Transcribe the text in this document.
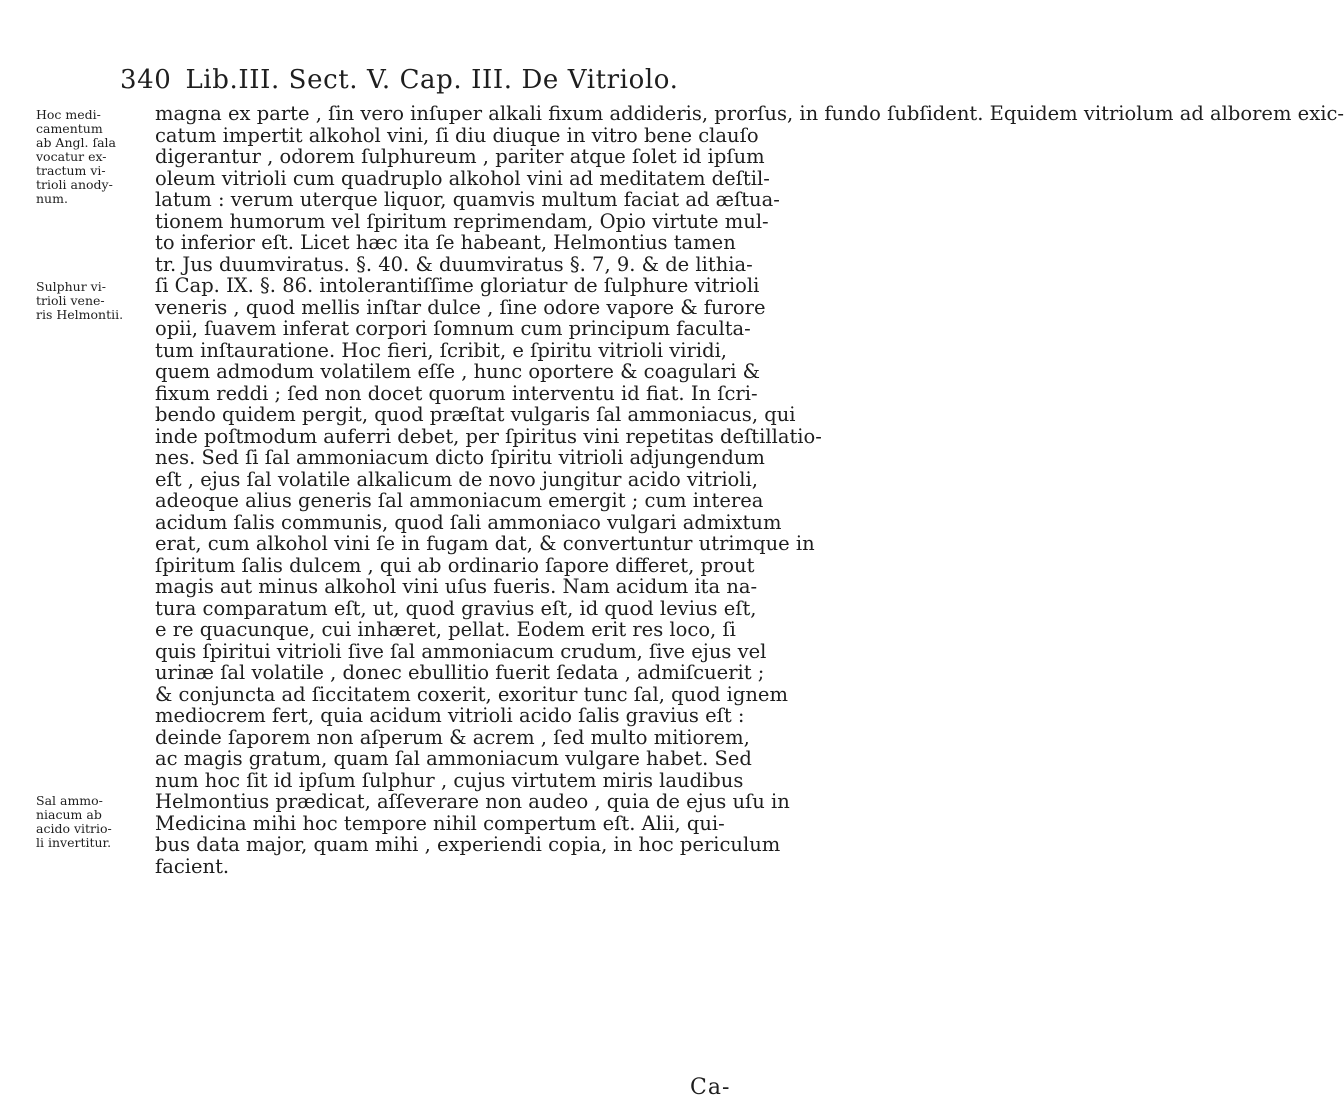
340 Lib.III. Sect. V. Cap. III. De Vitriolo.
magna ex parte , ſin vero inſuper alkali fixum addideris, prorſus, in fundo ſubſident. Equidem vitriolum ad alborem exic-
catum impertit alkohol vini, ſi diu diuque in vitro bene clauſo
digerantur , odorem ſulphureum , pariter atque ſolet id ipſum
oleum vitrioli cum quadruplo alkohol vini ad meditatem deſtil-
latum : verum uterque liquor, quamvis multum faciat ad æſtua-
tionem humorum vel ſpiritum reprimendam, Opio virtute mul-
to inferior eſt. Licet hæc ita ſe habeant, Helmontius tamen
tr. Jus duumviratus. §. 40. & duumviratus §. 7, 9. & de lithia-
ſi Cap. IX. §. 86. intolerantiſſime gloriatur de ſulphure vitrioli
veneris , quod mellis inſtar dulce , ſine odore vapore & furore
opii, ſuavem inferat corpori ſomnum cum principum faculta-
tum inſtauratione. Hoc fieri, ſcribit, e ſpiritu vitrioli viridi,
quem admodum volatilem eſſe , hunc oportere & coagulari &
fixum reddi ; ſed non docet quorum interventu id fiat. In ſcri-
bendo quidem pergit, quod præſtat vulgaris ſal ammoniacus, qui
inde poſtmodum auferri debet, per ſpiritus vini repetitas deſtillatio-
nes. Sed ſi ſal ammoniacum dicto ſpiritu vitrioli adjungendum
eſt , ejus ſal volatile alkalicum de novo jungitur acido vitrioli,
adeoque alius generis ſal ammoniacum emergit ; cum interea
acidum ſalis communis, quod ſali ammoniaco vulgari admixtum
erat, cum alkohol vini ſe in fugam dat, & convertuntur utrimque in
ſpiritum ſalis dulcem , qui ab ordinario ſapore differet, prout
magis aut minus alkohol vini uſus fueris. Nam acidum ita na-
tura comparatum eſt, ut, quod gravius eſt, id quod levius eſt,
e re quacunque, cui inhæret, pellat. Eodem erit res loco, ſi
quis ſpiritui vitrioli ſive ſal ammoniacum crudum, ſive ejus vel
urinæ ſal volatile , donec ebullitio fuerit ſedata , admiſcuerit ;
& conjuncta ad ſiccitatem coxerit, exoritur tunc ſal, quod ignem
mediocrem fert, quia acidum vitrioli acido ſalis gravius eſt :
deinde ſaporem non aſperum & acrem , ſed multo mitiorem,
ac magis gratum, quam ſal ammoniacum vulgare habet. Sed
num hoc ſit id ipſum ſulphur , cujus virtutem miris laudibus
Helmontius prædicat, aſſeverare non audeo , quia de ejus uſu in
Medicina mihi hoc tempore nihil compertum eſt. Alii, qui-
bus data major, quam mihi , experiendi copia, in hoc periculum
facient.
Hoc medi-
camentum
ab Angl. ſala
vocatur ex-
tractum vi-
trioli anody-
num.
Sulphur vi-
trioli vene-
ris Helmontii.
Sal ammo-
niacum ab
acido vitrio-
li invertitur.
Ca-
